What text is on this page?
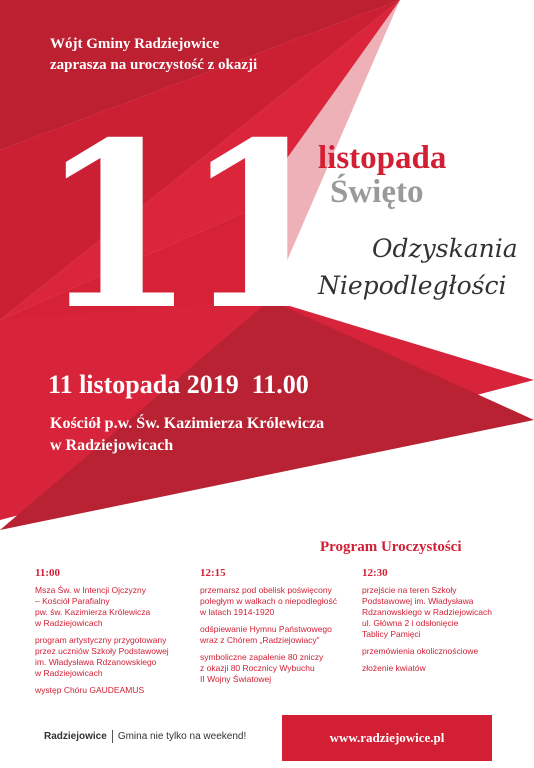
Wójt Gminy Radziejowice
zaprasza na uroczystość z okazji
11
listopada
Święto
Odzyskania
Niepodległości
11 listopada 2019  11.00
Kościół p.w. Św. Kazimierza Królewicza
w Radziejowicach
Program Uroczystości
11:00

Msza Św. w Intencji Ojczyzny
– Kościół Parafialny
pw. św. Kazimierza Królewicza
w Radziejowicach

program artystyczny przygotowany
przez uczniów Szkoły Podstawowej
im. Władysława Rdzanowskiego
w Radziejowicach

występ Chóru GAUDEAMUS

12:15

przemarsz pod obelisk poświęcony
poległym w walkach o niepodległość
w latach 1914-1920

odśpiewanie Hymnu Państwowego
wraz z Chórem „Radziejowiacy”

symboliczne zapalenie 80 zniczy
z okazji 80 Rocznicy Wybuchu
II Wojny Światowej

12:30

przejście na teren Szkoły
Podstawowej im. Władysława
Rdzanowskiego w Radziejowicach
ul. Główna 2 i odsłonięcie
Tablicy Pamięci

przemówienia okolicznościowe

złożenie kwiatów

Radziejowice Gmina nie tylko na weekend!	www.radziejowice.pl
